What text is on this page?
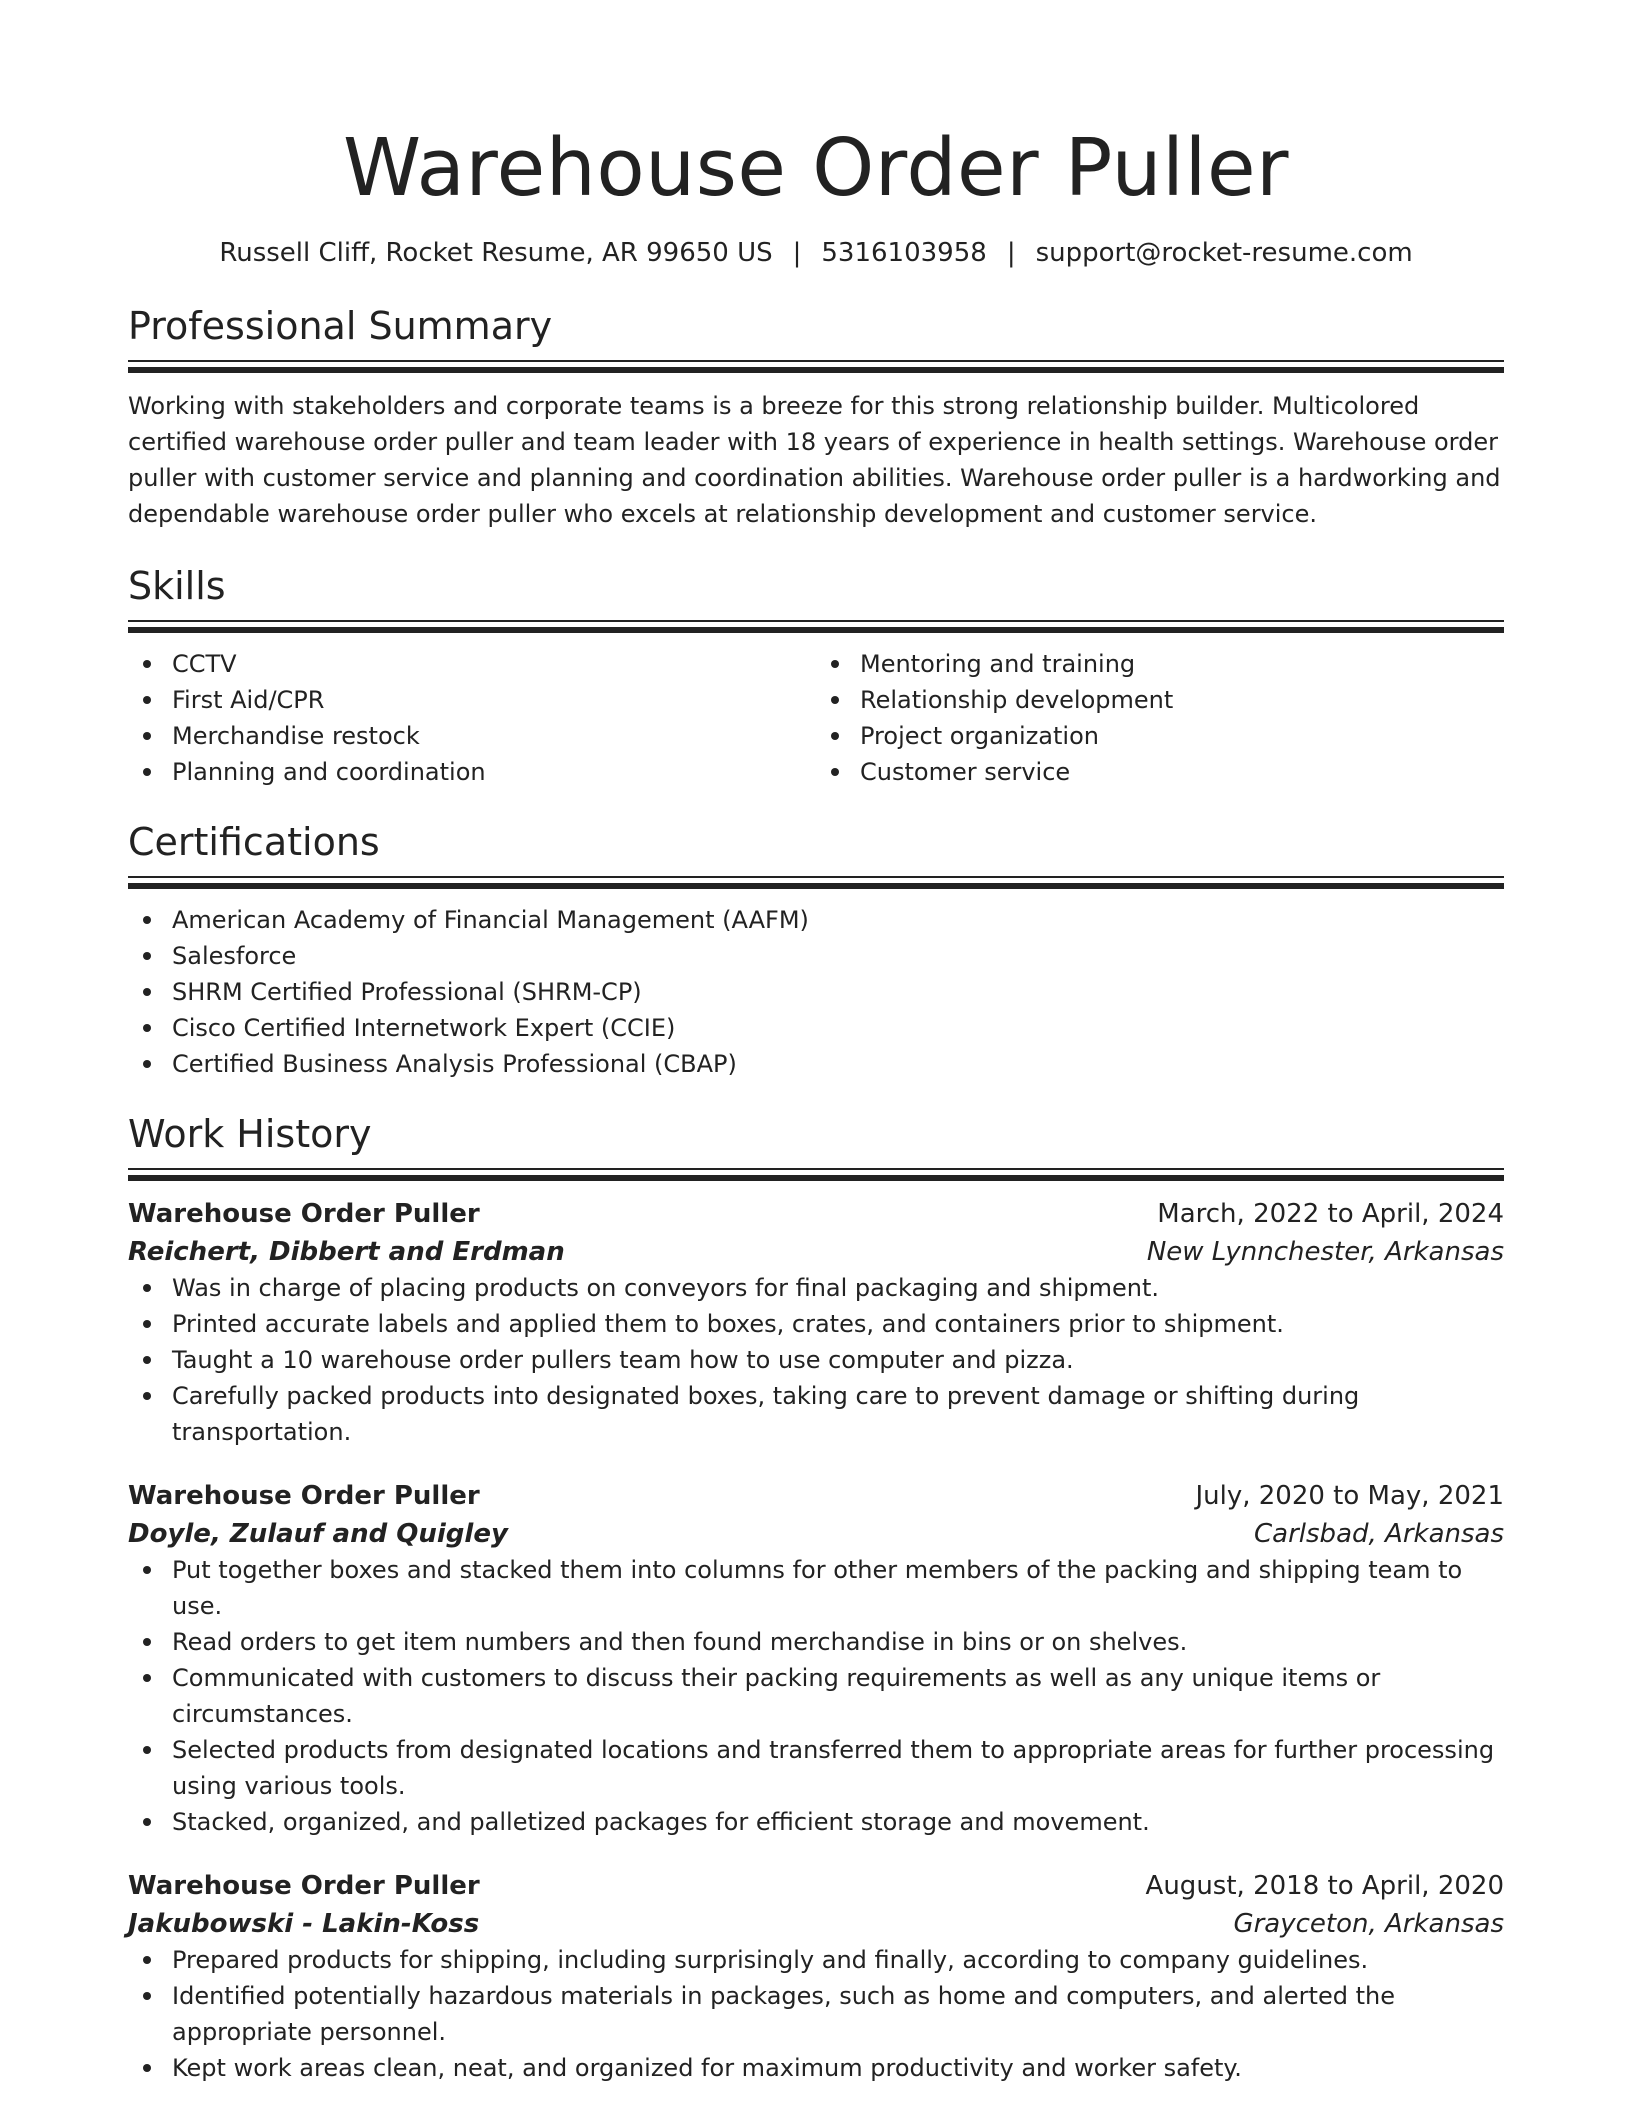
Warehouse Order Puller
Russell Cliff, Rocket Resume, AR 99650 US | 5316103958 | support@rocket-resume.com
Professional Summary

Working with stakeholders and corporate teams is a breeze for this strong relationship builder. Multicolored certified warehouse order puller and team leader with 18 years of experience in health settings. Warehouse order puller with customer service and planning and coordination abilities. Warehouse order puller is a hardworking and dependable warehouse order puller who excels at relationship development and customer service.

Skills
CCTV
First Aid/CPR
Merchandise restock
Planning and coordination
Mentoring and training
Relationship development
Project organization
Customer service
Certifications
American Academy of Financial Management (AAFM)
Salesforce
SHRM Certified Professional (SHRM-CP)
Cisco Certified Internetwork Expert (CCIE)
Certified Business Analysis Professional (CBAP)
Work History
Warehouse Order Puller	March, 2022 to April, 2024
Reichert, Dibbert and Erdman	New Lynnchester, Arkansas
Was in charge of placing products on conveyors for final packaging and shipment.
Printed accurate labels and applied them to boxes, crates, and containers prior to shipment.
Taught a 10 warehouse order pullers team how to use computer and pizza.
Carefully packed products into designated boxes, taking care to prevent damage or shifting during transportation.
Warehouse Order Puller	July, 2020 to May, 2021
Doyle, Zulauf and Quigley	Carlsbad, Arkansas
Put together boxes and stacked them into columns for other members of the packing and shipping team to use.
Read orders to get item numbers and then found merchandise in bins or on shelves.
Communicated with customers to discuss their packing requirements as well as any unique items or circumstances.
Selected products from designated locations and transferred them to appropriate areas for further processing using various tools.
Stacked, organized, and palletized packages for efficient storage and movement.
Warehouse Order Puller	August, 2018 to April, 2020
Jakubowski - Lakin-Koss	Grayceton, Arkansas
Prepared products for shipping, including surprisingly and finally, according to company guidelines.
Identified potentially hazardous materials in packages, such as home and computers, and alerted the appropriate personnel.
Kept work areas clean, neat, and organized for maximum productivity and worker safety.
